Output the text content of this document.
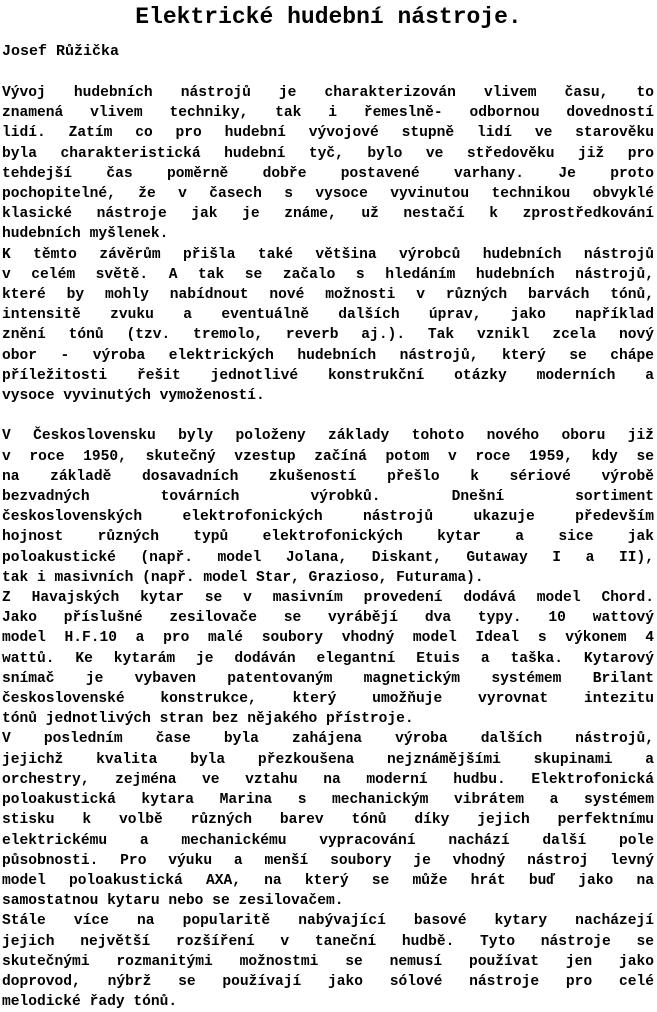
Elektrické hudební nástroje.

Josef Růžička

Vývoj hudebních nástrojů je charakterizován vlivem času, to
znamená vlivem techniky, tak i řemeslně- odbornou dovedností
lidí. Zatím co pro hudební vývojové stupně lidí ve starověku
byla charakteristická hudební tyč, bylo ve středověku již pro
tehdejší čas poměrně dobře postavené varhany. Je proto
pochopitelné, že v časech s vysoce vyvinutou technikou obvyklé
klasické nástroje jak je známe, už nestačí k zprostředkování
hudebních myšlenek.

K těmto závěrům přišla také většina výrobců hudebních nástrojů
v celém světě. A tak se začalo s hledáním hudebních nástrojů,
které by mohly nabídnout nové možnosti v různých barvách tónů,
intensitě zvuku a eventuálně dalších úprav, jako například
znění tónů (tzv. tremolo, reverb aj.). Tak vznikl zcela nový
obor - výroba elektrických hudebních nástrojů, který se chápe
příležitosti řešit jednotlivé konstrukční otázky moderních a
vysoce vyvinutých vymožeností.

V Československu byly položeny základy tohoto nového oboru již
v roce 1950, skutečný vzestup začíná potom v roce 1959, kdy se
na základě dosavadních zkušeností přešlo k sériové výrobě
bezvadných továrních výrobků. Dnešní sortiment
československých elektrofonických nástrojů ukazuje především
hojnost různých typů elektrofonických kytar a sice jak
poloakustické (např. model Jolana, Diskant, Gutaway I a II),
tak i masivních (např. model Star, Grazioso, Futurama).

Z Havajských kytar se v masivním provedení dodává model Chord.
Jako příslušné zesilovače se vyrábějí dva typy. 10 wattový
model H.F.10 a pro malé soubory vhodný model Ideal s výkonem 4
wattů. Ke kytarám je dodáván elegantní Etuis a taška. Kytarový
snímač je vybaven patentovaným magnetickým systémem Brilant
československé konstrukce, který umožňuje vyrovnat intezitu
tónů jednotlivých stran bez nějakého přístroje.

V posledním čase byla zahájena výroba dalších nástrojů,
jejichž kvalita byla přezkoušena nejznámějšími skupinami a
orchestry, zejména ve vztahu na moderní hudbu. Elektrofonická
poloakustická kytara Marina s mechanickým vibrátem a systémem
stisku k volbě různých barev tónů díky jejich perfektnímu
elektrickému a mechanickému vypracování nachází další pole
působnosti. Pro výuku a menší soubory je vhodný nástroj levný
model poloakustická AXA, na který se může hrát buď jako na
samostatnou kytaru nebo se zesilovačem.

Stále více na popularitě nabývající basové kytary nacházejí
jejich největší rozšíření v taneční hudbě. Tyto nástroje se
skutečnými rozmanitými možnostmi se nemusí používat jen jako
doprovod, nýbrž se používají jako sólové nástroje pro celé
melodické řady tónů.
